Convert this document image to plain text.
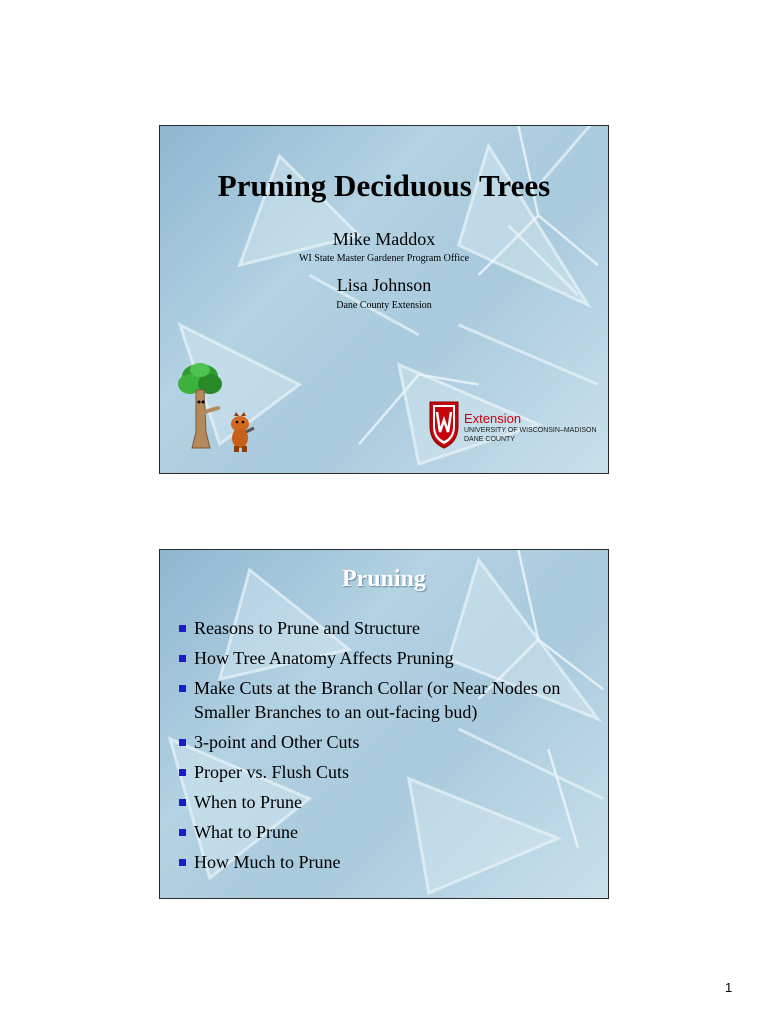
Pruning Deciduous Trees
Mike Maddox
WI State Master Gardener Program Office
Lisa Johnson
Dane County Extension
Extension
UNIVERSITY OF WISCONSIN–MADISON
DANE COUNTY
Pruning
Reasons to Prune and Structure
How Tree Anatomy Affects Pruning
Make Cuts at the Branch Collar (or Near Nodes on Smaller Branches to an out-facing bud)
3-point and Other Cuts
Proper vs. Flush Cuts
When to Prune
What to Prune
How Much to Prune
1
